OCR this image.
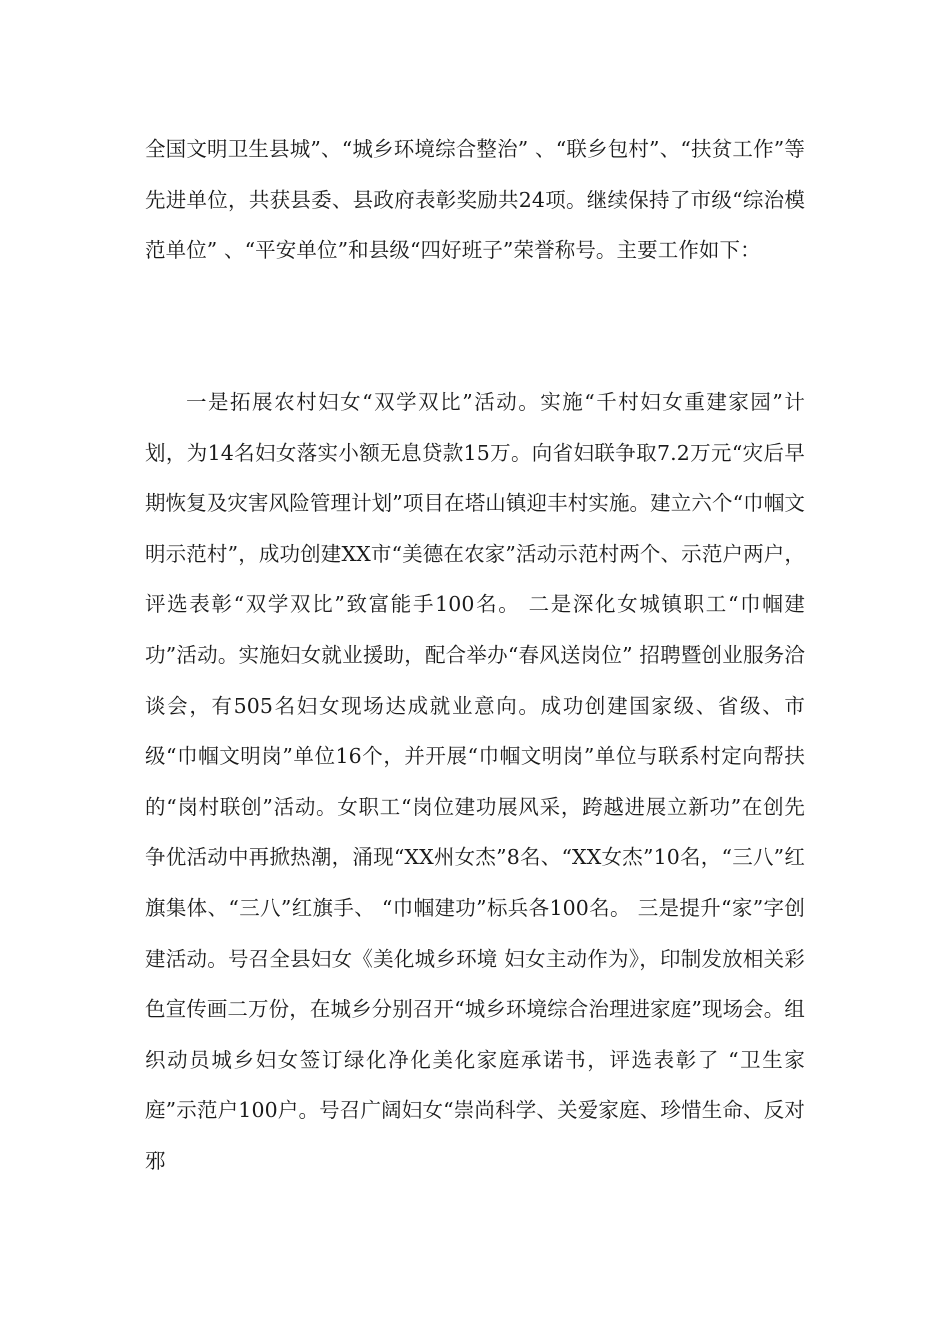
全国文明卫生县城”、“城乡环境综合整治” 、“联乡包村”、“扶贫工作”等先进单位，共获县委、县政府表彰奖励共24项。继续保持了市级“综治模范单位” 、“平安单位”和县级“四好班子”荣誉称号。主要工作如下：

一是拓展农村妇女“双学双比”活动。实施“千村妇女重建家园”计划，为14名妇女落实小额无息贷款15万。向省妇联争取7.2万元“灾后早期恢复及灾害风险管理计划”项目在塔山镇迎丰村实施。建立六个“巾帼文明示范村”，成功创建XX市“美德在农家”活动示范村两个、示范户两户，评选表彰“双学双比”致富能手100名。 二是深化女城镇职工“巾帼建功”活动。实施妇女就业援助，配合举办“春风送岗位” 招聘暨创业服务洽谈会，有505名妇女现场达成就业意向。成功创建国家级、省级、市级“巾帼文明岗”单位16个，并开展“巾帼文明岗”单位与联系村定向帮扶的“岗村联创”活动。女职工“岗位建功展风采，跨越进展立新功”在创先争优活动中再掀热潮，涌现“XX州女杰”8名、“XX女杰”10名，“三八”红旗集体、“三八”红旗手、 “巾帼建功”标兵各100名。 三是提升“家”字创建活动。号召全县妇女《美化城乡环境 妇女主动作为》，印制发放相关彩色宣传画二万份，在城乡分别召开“城乡环境综合治理进家庭”现场会。组织动员城乡妇女签订绿化净化美化家庭承诺书，评选表彰了 “卫生家庭”示范户100户。号召广阔妇女“崇尚科学、关爱家庭、珍惜生命、反对邪
